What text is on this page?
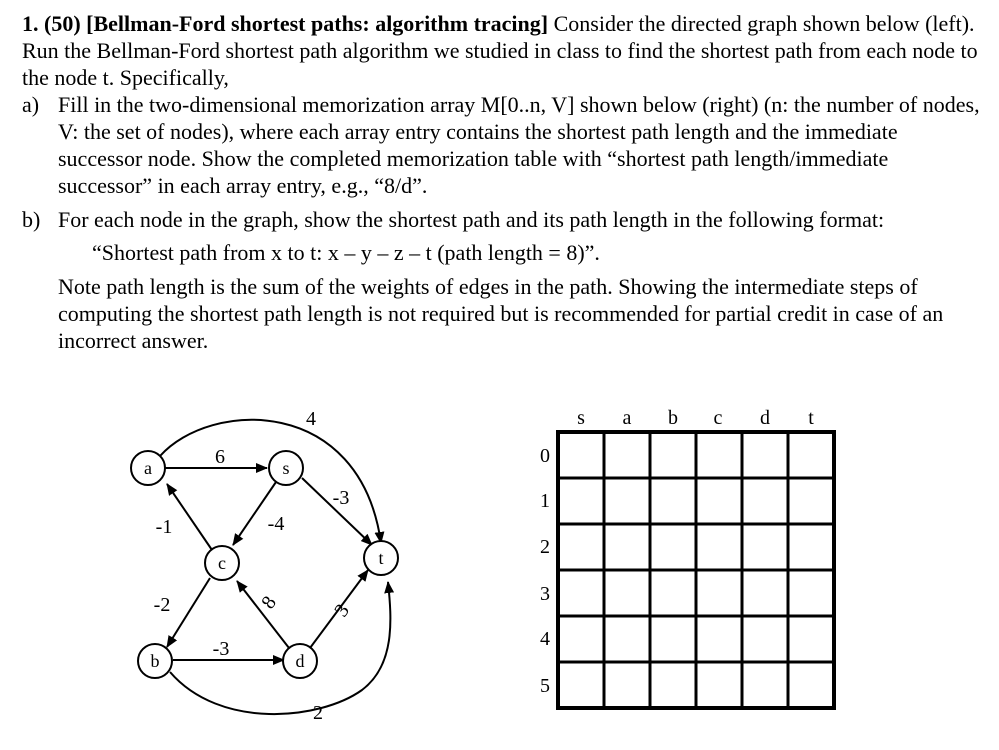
1. (50) [Bellman-Ford shortest paths: algorithm tracing] Consider the directed graph shown below (left). Run the Bellman-Ford shortest path algorithm we studied in class to find the shortest path from each node to the node t. Specifically,

a) Fill in the two-dimensional memorization array M[0..n, V] shown below (right) (n: the number of nodes, V: the set of nodes), where each array entry contains the shortest path length and the immediate successor node. Show the completed memorization table with “shortest path length/immediate successor” in each array entry, e.g., “8/d”.
b) For each node in the graph, show the shortest path and its path length in the following format:

“Shortest path from x to t: x – y – z – t (path length = 8)”.

Note path length is the sum of the weights of edges in the path. Showing the intermediate steps of computing the shortest path length is not required but is recommended for partial credit in case of an incorrect answer.

6
4
-3
-4
-1
-2	8
-3
3
2
a	s
c	t
b	d
s a b c d t
0
1
2
3
4
5
